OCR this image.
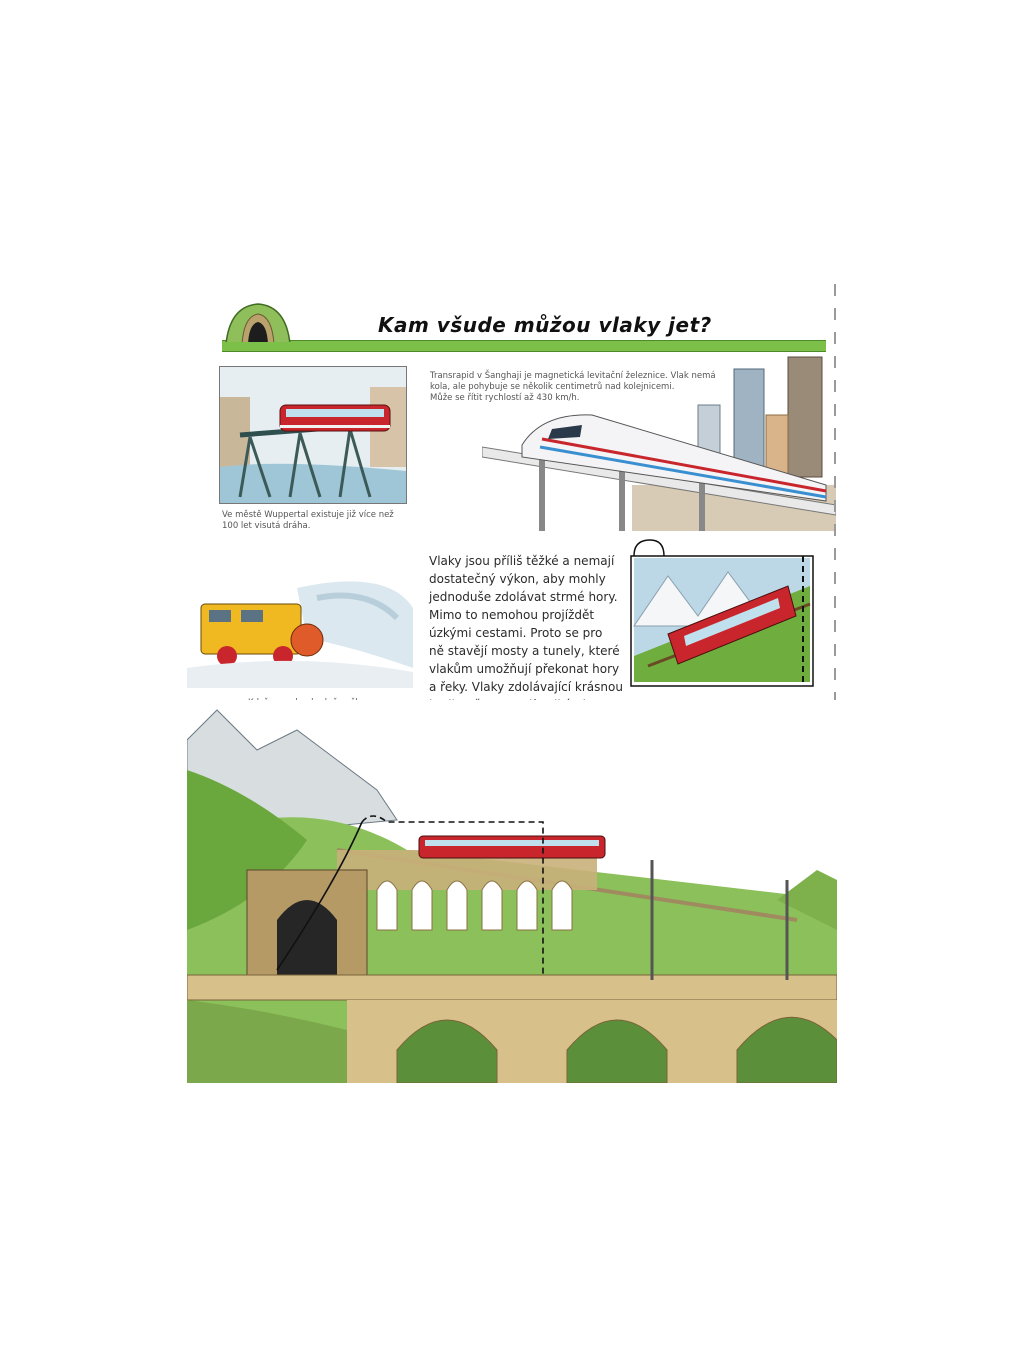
Kam všude můžou vlaky jet?
Ve městě Wuppertal existuje již více než
100 let visutá dráha.
Transrapid v Šanghaji je magnetická levitační železnice. Vlak nemá
kola, ale pohybuje se několik centimetrů nad kolejnicemi.
Může se řítit rychlostí až 430 km/h.
Vlaky jsou příliš těžké a nemají
dostatečný výkon, aby mohly
jednoduše zdolávat strmé hory.
Mimo to nemohou projíždět
úzkými cestami. Proto se pro
ně stavějí mosty a tunely, které
vlakům umožňují překonat hory
a řeky. Vlaky zdolávající krásnou
